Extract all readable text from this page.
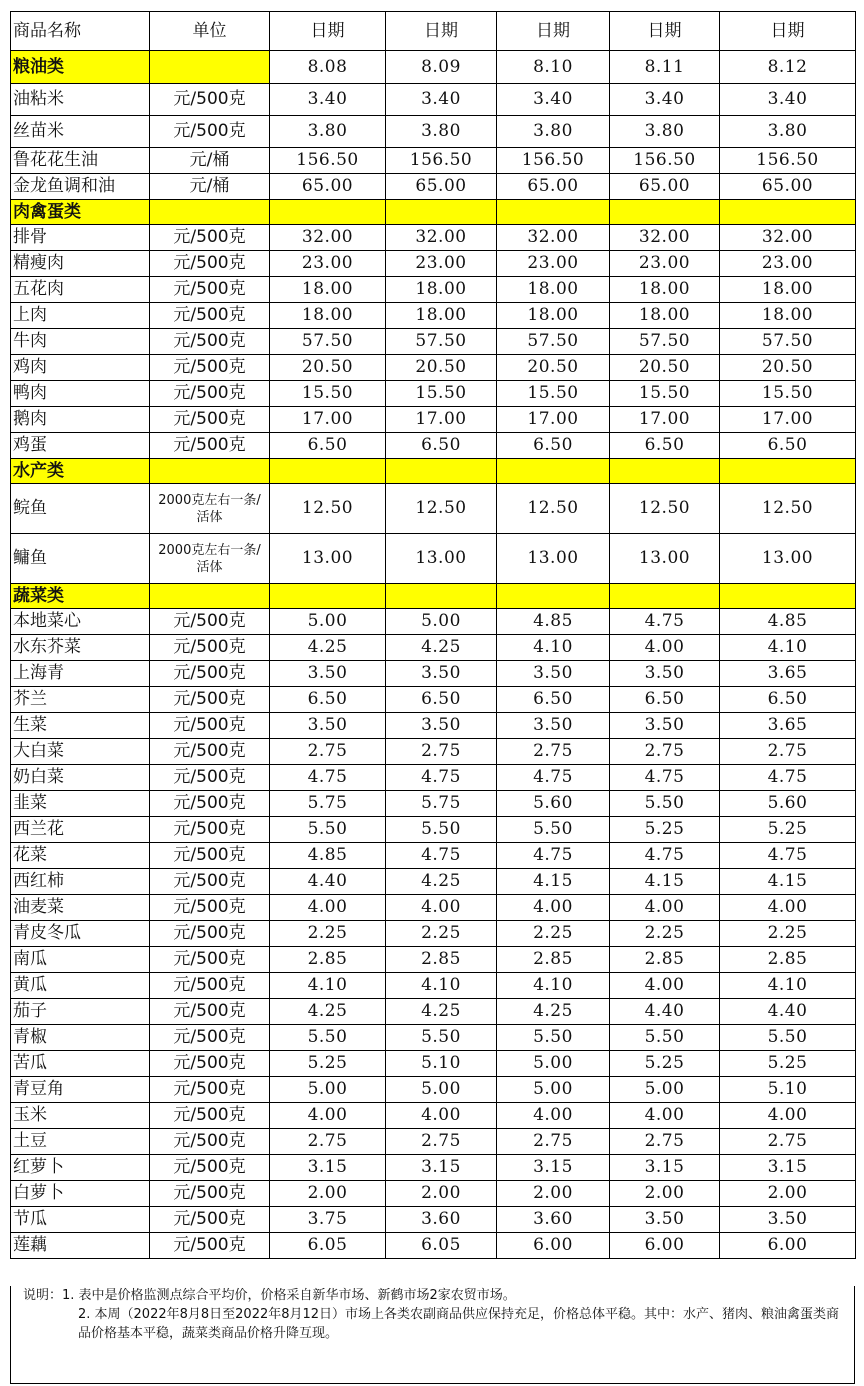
商品名称	单位	日期	日期	日期	日期	日期
粮油类		8.08	8.09	8.10	8.11	8.12
油粘米	元/500克	3.40	3.40	3.40	3.40	3.40
丝苗米	元/500克	3.80	3.80	3.80	3.80	3.80
鲁花花生油	元/桶	156.50	156.50	156.50	156.50	156.50
金龙鱼调和油	元/桶	65.00	65.00	65.00	65.00	65.00
肉禽蛋类						
排骨	元/500克	32.00	32.00	32.00	32.00	32.00
精瘦肉	元/500克	23.00	23.00	23.00	23.00	23.00
五花肉	元/500克	18.00	18.00	18.00	18.00	18.00
上肉	元/500克	18.00	18.00	18.00	18.00	18.00
牛肉	元/500克	57.50	57.50	57.50	57.50	57.50
鸡肉	元/500克	20.50	20.50	20.50	20.50	20.50
鸭肉	元/500克	15.50	15.50	15.50	15.50	15.50
鹅肉	元/500克	17.00	17.00	17.00	17.00	17.00
鸡蛋	元/500克	6.50	6.50	6.50	6.50	6.50
水产类						
鲩鱼	2000克左右一条/活体	12.50	12.50	12.50	12.50	12.50
鳙鱼	2000克左右一条/活体	13.00	13.00	13.00	13.00	13.00
蔬菜类						
本地菜心	元/500克	5.00	5.00	4.85	4.75	4.85
水东芥菜	元/500克	4.25	4.25	4.10	4.00	4.10
上海青	元/500克	3.50	3.50	3.50	3.50	3.65
芥兰	元/500克	6.50	6.50	6.50	6.50	6.50
生菜	元/500克	3.50	3.50	3.50	3.50	3.65
大白菜	元/500克	2.75	2.75	2.75	2.75	2.75
奶白菜	元/500克	4.75	4.75	4.75	4.75	4.75
韭菜	元/500克	5.75	5.75	5.60	5.50	5.60
西兰花	元/500克	5.50	5.50	5.50	5.25	5.25
花菜	元/500克	4.85	4.75	4.75	4.75	4.75
西红柿	元/500克	4.40	4.25	4.15	4.15	4.15
油麦菜	元/500克	4.00	4.00	4.00	4.00	4.00
青皮冬瓜	元/500克	2.25	2.25	2.25	2.25	2.25
南瓜	元/500克	2.85	2.85	2.85	2.85	2.85
黄瓜	元/500克	4.10	4.10	4.10	4.00	4.10
茄子	元/500克	4.25	4.25	4.25	4.40	4.40
青椒	元/500克	5.50	5.50	5.50	5.50	5.50
苦瓜	元/500克	5.25	5.10	5.00	5.25	5.25
青豆角	元/500克	5.00	5.00	5.00	5.00	5.10
玉米	元/500克	4.00	4.00	4.00	4.00	4.00
土豆	元/500克	2.75	2.75	2.75	2.75	2.75
红萝卜	元/500克	3.15	3.15	3.15	3.15	3.15
白萝卜	元/500克	2.00	2.00	2.00	2.00	2.00
节瓜	元/500克	3.75	3.60	3.60	3.50	3.50
莲藕	元/500克	6.05	6.05	6.00	6.00	6.00
说明：1. 表中是价格监测点综合平均价，价格采自新华市场、新鹤市场2家农贸市场。
2. 本周（2022年8月8日至2022年8月12日）市场上各类农副商品供应保持充足，价格总体平稳。其中：水产、猪肉、粮油禽蛋类商品价格基本平稳，蔬菜类商品价格升降互现。
